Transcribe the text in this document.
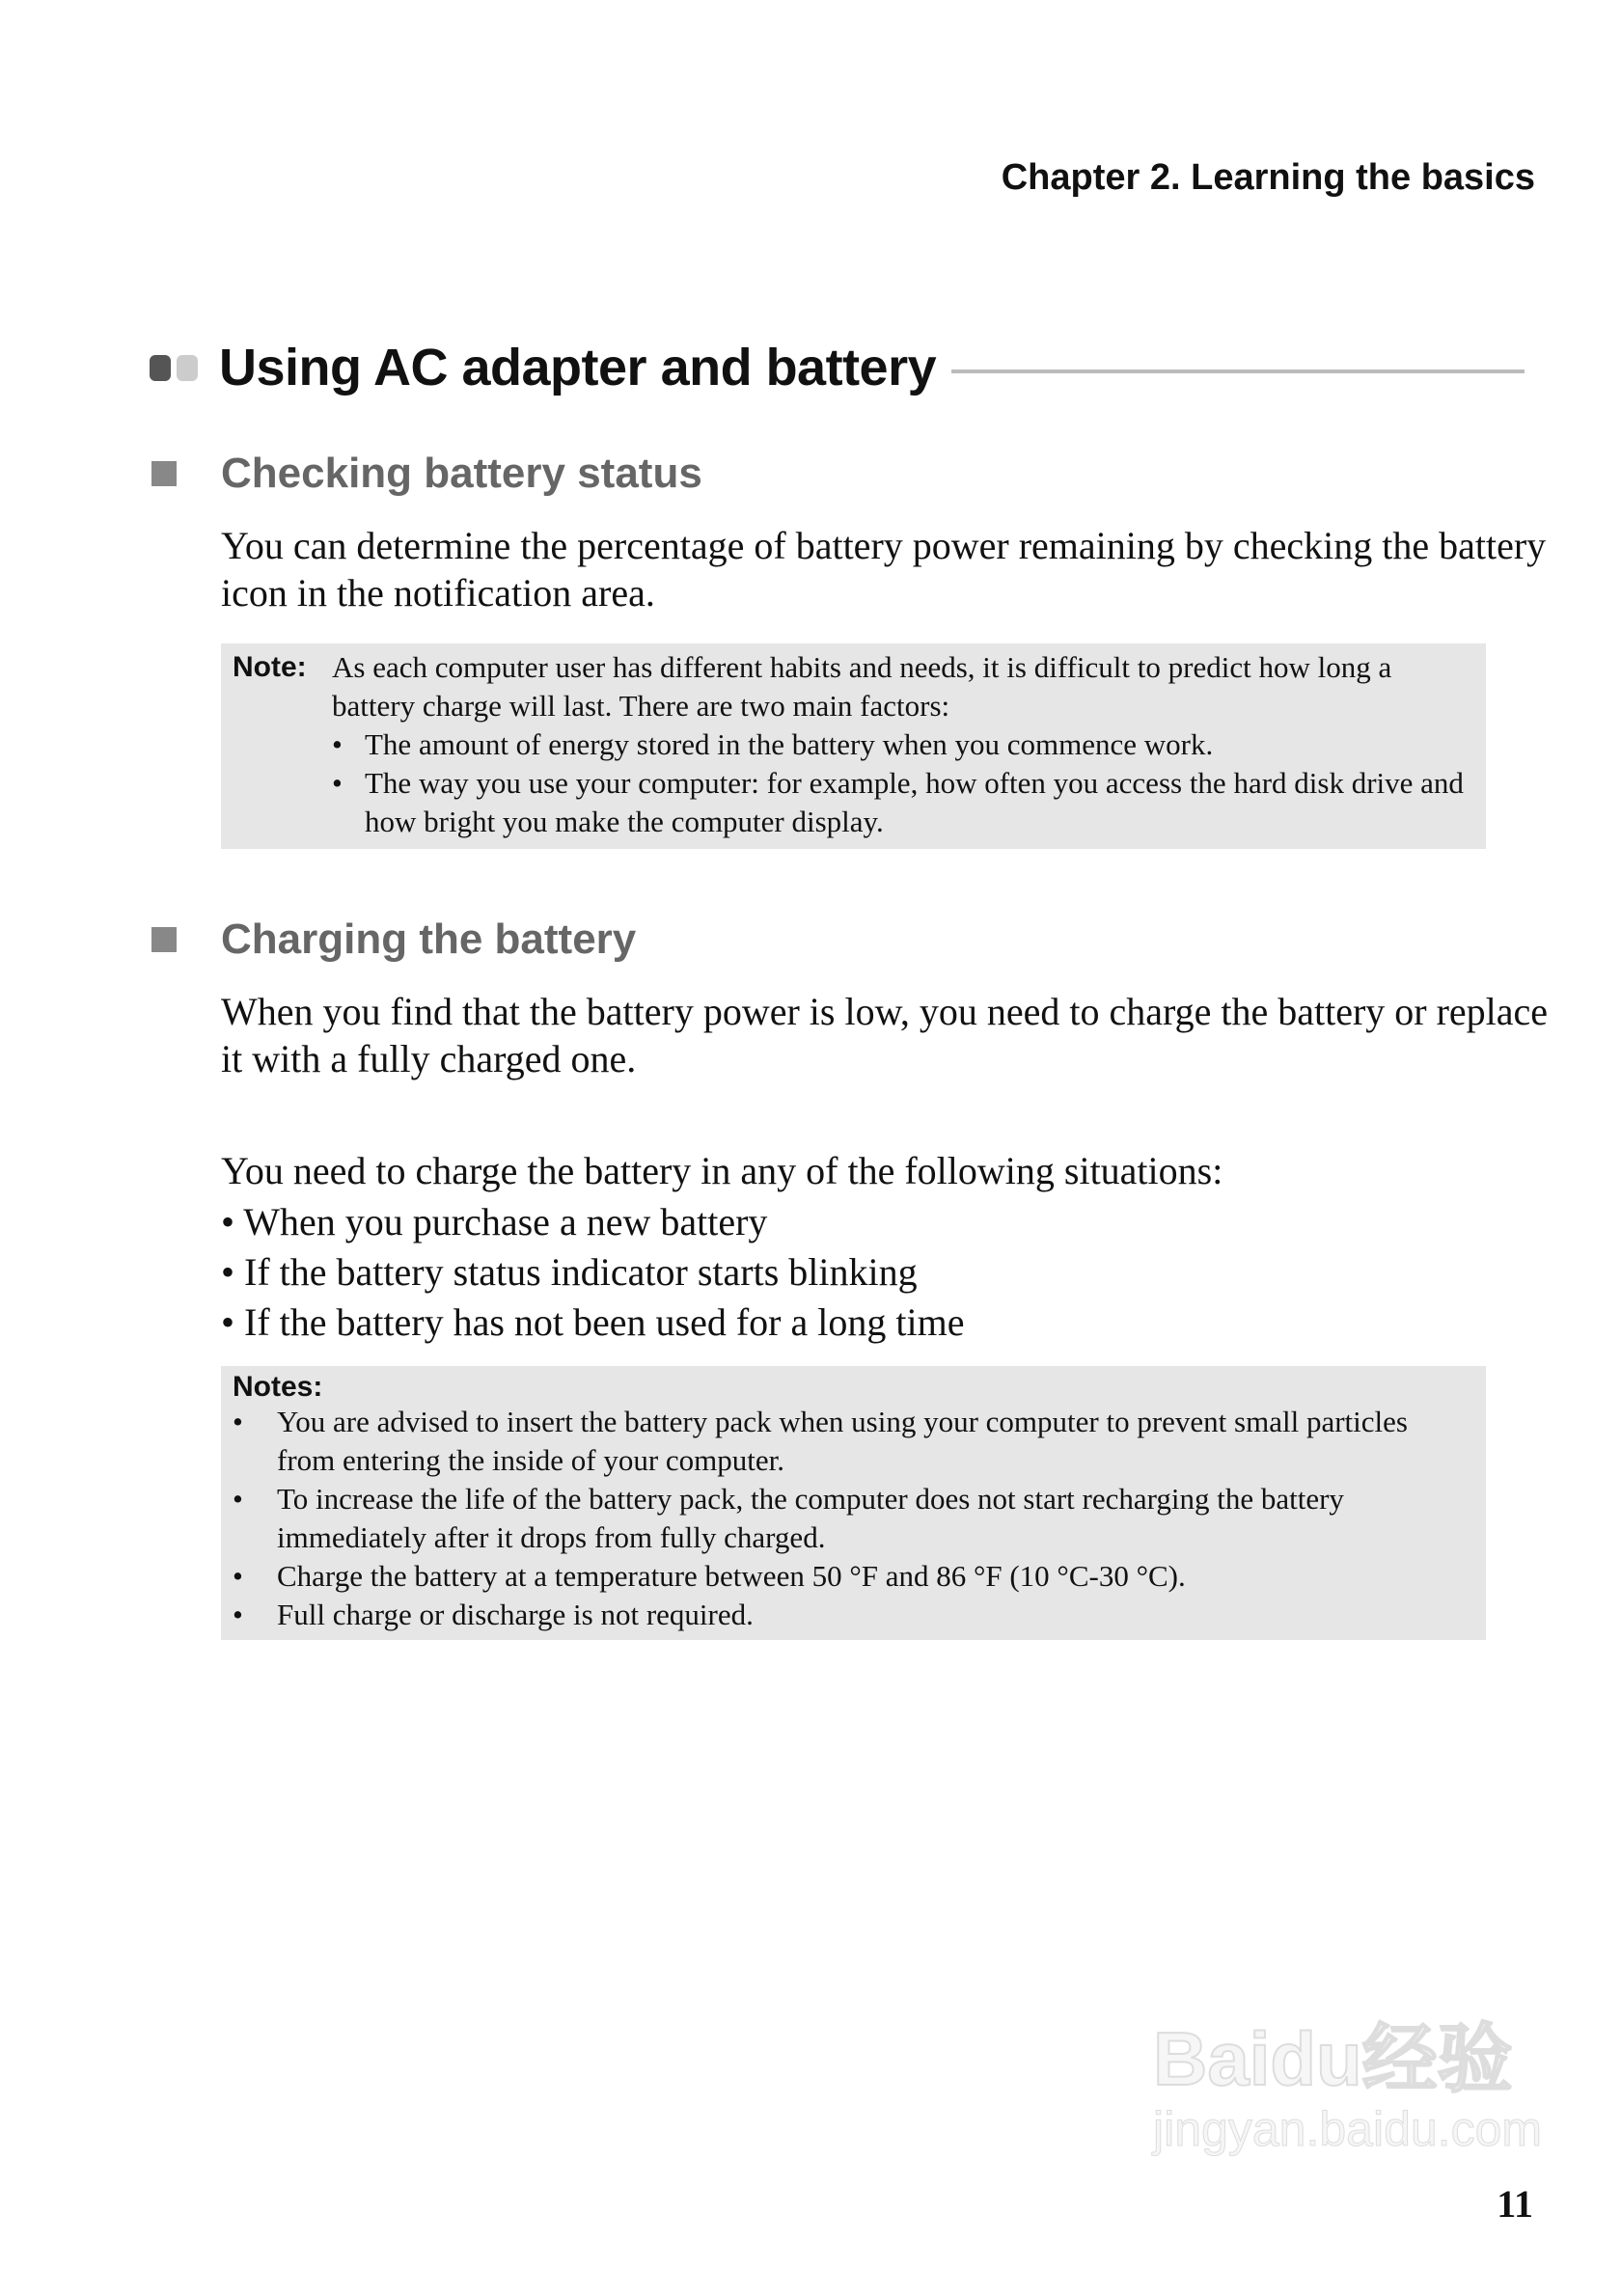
Chapter 2. Learning the basics
Using AC adapter and battery
Checking battery status
You can determine the percentage of battery power remaining by checking the battery icon in the notification area.
Note: As each computer user has different habits and needs, it is difficult to predict how long a battery charge will last. There are two main factors:
• The amount of energy stored in the battery when you commence work.
• The way you use your computer: for example, how often you access the hard disk drive and how bright you make the computer display.
Charging the battery
When you find that the battery power is low, you need to charge the battery or replace it with a fully charged one.
You need to charge the battery in any of the following situations:
• When you purchase a new battery
• If the battery status indicator starts blinking
• If the battery has not been used for a long time
Notes:
•	You are advised to insert the battery pack when using your computer to prevent small particles from entering the inside of your computer.
•	To increase the life of the battery pack, the computer does not start recharging the battery immediately after it drops from fully charged.
•	Charge the battery at a temperature between 50 °F and 86 °F (10 °C-30 °C).
•	Full charge or discharge is not required.
Baidu经验
jingyan.baidu.com
11
